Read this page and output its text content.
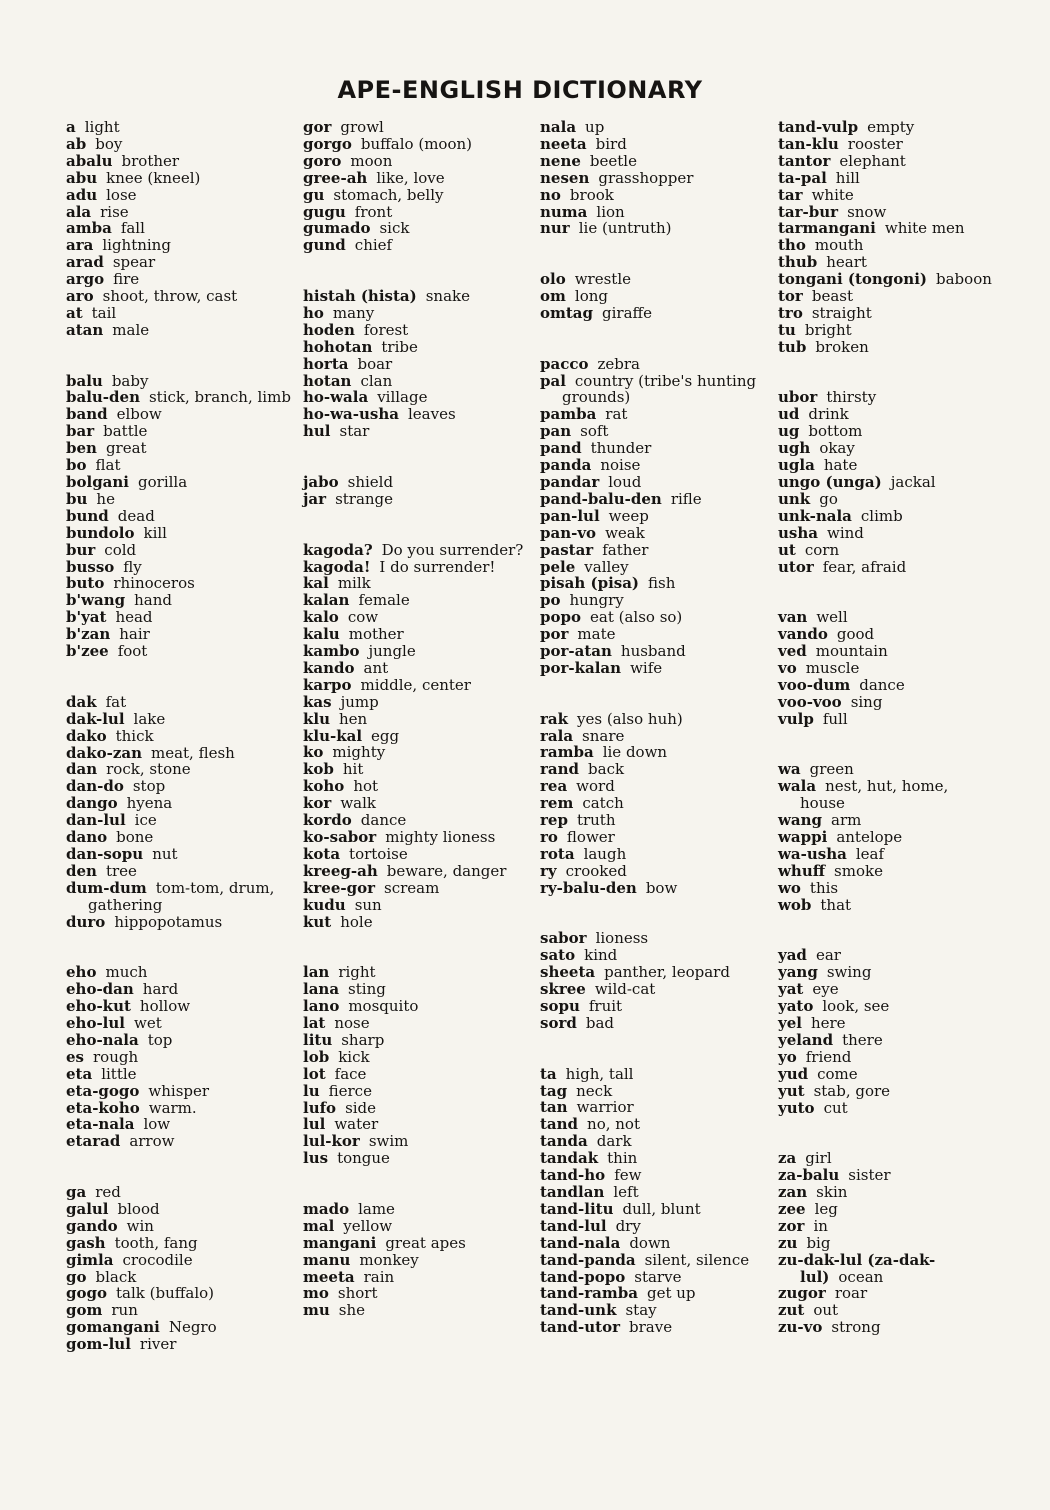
APE-ENGLISH DICTIONARY
a light
ab boy
abalu brother
abu knee (kneel)
adu lose
ala rise
amba fall
ara lightning
arad spear
argo fire
aro shoot, throw, cast
at tail
atan male
balu baby
balu-den stick, branch, limb
band elbow
bar battle
ben great
bo flat
bolgani gorilla
bu he
bund dead
bundolo kill
bur cold
busso fly
buto rhinoceros
b'wang hand
b'yat head
b'zan hair
b'zee foot
dak fat
dak-lul lake
dako thick
dako-zan meat, flesh
dan rock, stone
dan-do stop
dango hyena
dan-lul ice
dano bone
dan-sopu nut
den tree
dum-dum tom-tom, drum, gathering
duro hippopotamus
eho much
eho-dan hard
eho-kut hollow
eho-lul wet
eho-nala top
es rough
eta little
eta-gogo whisper
eta-koho warm.
eta-nala low
etarad arrow
ga red
galul blood
gando win
gash tooth, fang
gimla crocodile
go black
gogo talk (buffalo)
gom run
gomangani Negro
gom-lul river
gor growl
gorgo buffalo (moon)
goro moon
gree-ah like, love
gu stomach, belly
gugu front
gumado sick
gund chief
histah (hista) snake
ho many
hoden forest
hohotan tribe
horta boar
hotan clan
ho-wala village
ho-wa-usha leaves
hul star
jabo shield
jar strange
kagoda? Do you surrender?
kagoda! I do surrender!
kal milk
kalan female
kalo cow
kalu mother
kambo jungle
kando ant
karpo middle, center
kas jump
klu hen
klu-kal egg
ko mighty
kob hit
koho hot
kor walk
kordo dance
ko-sabor mighty lioness
kota tortoise
kreeg-ah beware, danger
kree-gor scream
kudu sun
kut hole
lan right
lana sting
lano mosquito
lat nose
litu sharp
lob kick
lot face
lu fierce
lufo side
lul water
lul-kor swim
lus tongue
mado lame
mal yellow
mangani great apes
manu monkey
meeta rain
mo short
mu she
nala up
neeta bird
nene beetle
nesen grasshopper
no brook
numa lion
nur lie (untruth)
olo wrestle
om long
omtag giraffe
pacco zebra
pal country (tribe's hunting grounds)
pamba rat
pan soft
pand thunder
panda noise
pandar loud
pand-balu-den rifle
pan-lul weep
pan-vo weak
pastar father
pele valley
pisah (pisa) fish
po hungry
popo eat (also so)
por mate
por-atan husband
por-kalan wife
rak yes (also huh)
rala snare
ramba lie down
rand back
rea word
rem catch
rep truth
ro flower
rota laugh
ry crooked
ry-balu-den bow
sabor lioness
sato kind
sheeta panther, leopard
skree wild-cat
sopu fruit
sord bad
ta high, tall
tag neck
tan warrior
tand no, not
tanda dark
tandak thin
tand-ho few
tandlan left
tand-litu dull, blunt
tand-lul dry
tand-nala down
tand-panda silent, silence
tand-popo starve
tand-ramba get up
tand-unk stay
tand-utor brave
tand-vulp empty
tan-klu rooster
tantor elephant
ta-pal hill
tar white
tar-bur snow
tarmangani white men
tho mouth
thub heart
tongani (tongoni) baboon
tor beast
tro straight
tu bright
tub broken
ubor thirsty
ud drink
ug bottom
ugh okay
ugla hate
ungo (unga) jackal
unk go
unk-nala climb
usha wind
ut corn
utor fear, afraid
van well
vando good
ved mountain
vo muscle
voo-dum dance
voo-voo sing
vulp full
wa green
wala nest, hut, home, house
wang arm
wappi antelope
wa-usha leaf
whuff smoke
wo this
wob that
yad ear
yang swing
yat eye
yato look, see
yel here
yeland there
yo friend
yud come
yut stab, gore
yuto cut
za girl
za-balu sister
zan skin
zee leg
zor in
zu big
zu-dak-lul (za-dak-lul) ocean
zugor roar
zut out
zu-vo strong
